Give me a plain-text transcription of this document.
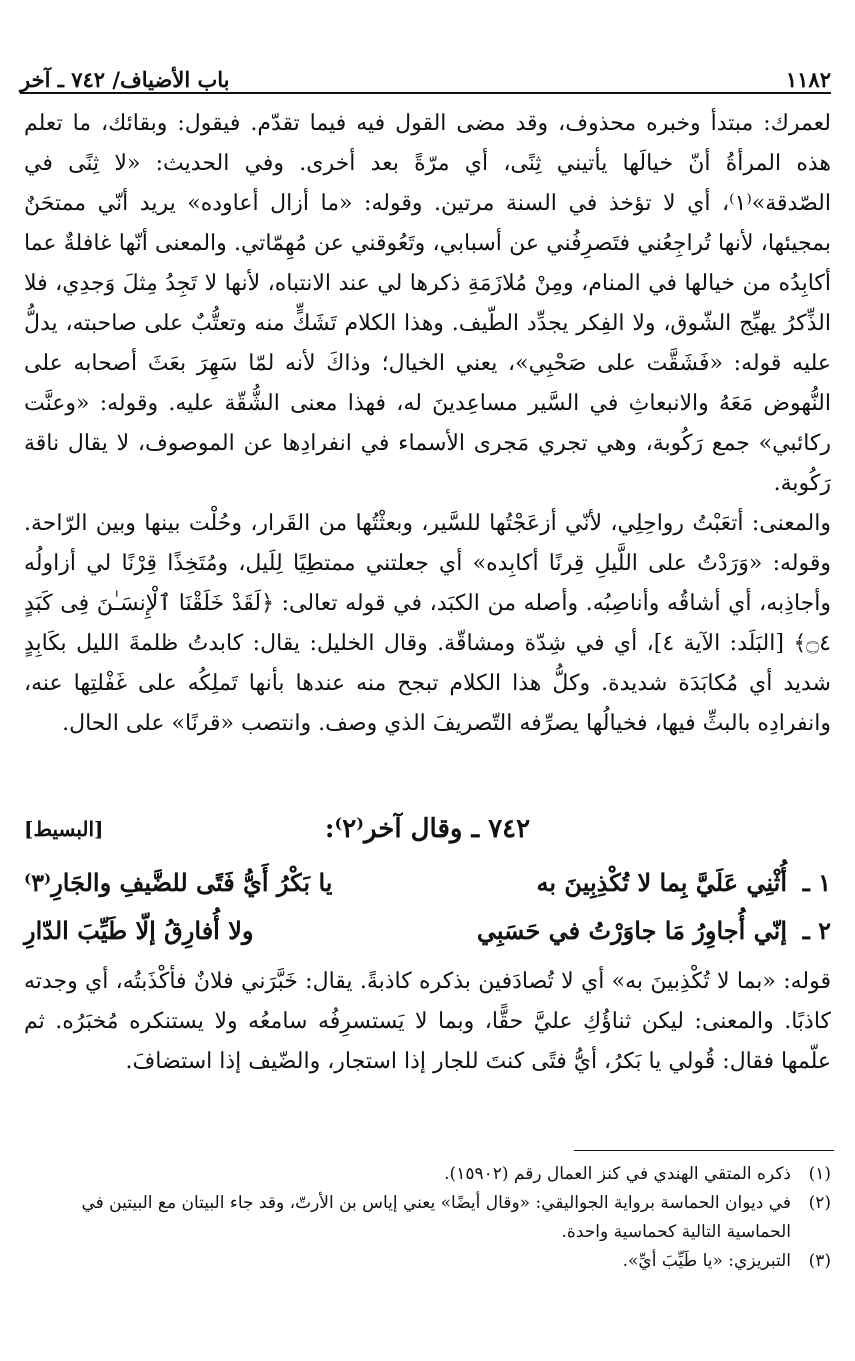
١١٨٢
باب الأضياف/ ٧٤٢ ـ آخر

لعمرك: مبتدأ وخبره محذوف، وقد مضى القول فيه فيما تقدّم. فيقول: وبقائك، ما تعلم هذه المرأةُ أنّ خيالَها يأتيني ثِنًى، أي مرّةً بعد أخرى. وفي الحديث: «لا ثِنًى في الصّدقة»⁽١⁾، أي لا تؤخذ في السنة مرتين. وقوله: «ما أزال أعاوده» يريد أنّي ممتحَنٌ بمجيئها، لأنها تُراجِعُني فتَصرِفُني عن أسبابي، وتَعُوقني عن مُهِمّاتي. والمعنى أنّها غافلةٌ عما أكابِدُه من خيالها في المنام، ومِنْ مُلازَمَةِ ذكرها لي عند الانتباه، لأنها لا تَجِدُ مِثلَ وَجدِي، فلا الذِّكرُ يهيِّج الشّوق، ولا الفِكر يجدِّد الطّيف. وهذا الكلام تَشَكٍّ منه وتعتُّبٌ على صاحبته، يدلُّ عليه قوله: «فَشَقَّت على صَحْبِي»، يعني الخيال؛ وذاكَ لأنه لمّا سَهِرَ بعَثَ أصحابه على النُّهوض مَعَهُ والانبعاثِ في السَّير مساعِدينَ له، فهذا معنى الشُّقّة عليه. وقوله: «وعنَّت ركائبي» جمع رَكُوبة، وهي تجري مَجرى الأسماء في انفرادِها عن الموصوف، لا يقال ناقة رَكُوبة.

والمعنى: أتعَبْتُ رواحِلِي، لأنّي أزعَجْتُها للسَّير، وبعثْتُها من القَرار، وحُلْت بينها وبين الرّاحة. وقوله: «وَرَدْتُ على اللَّيلِ قِرنًا أكابِده» أي جعلتني ممتطِيًا لِلَيل، ومُتَخِذًا قِرْنًا لي أزاولُه وأجاذِبه، أي أشاقُه وأناصِبُه. وأصله من الكبَد، في قوله تعالى: ﴿لَقَدْ خَلَقْنَا ٱلْإِنسَـٰنَ فِى كَبَدٍ ۝٤﴾ [البَلَد: الآية ٤]، أي في شِدّة ومشاقّة. وقال الخليل: يقال: كابدتُ ظلمةَ الليل بكَابِدٍ شديد أي مُكابَدَة شديدة. وكلُّ هذا الكلام تبجح منه عندها بأنها تَملِكُه على غَفْلتِها عنه، وانفرادِه بالبثِّ فيها، فخيالُها يصرِّفه التّصريفَ الذي وصف. وانتصب «قرنًا» على الحال.

٧٤٢ ـ وقال آخر⁽٢⁾:
[البسيط]
١ ـ
أُثْنِي عَلَيَّ بِما لا تُكْذِبِينَ به
يا بَكْرُ أَيُّ فَتًى للضَّيفِ والجَارِ⁽٣⁾
٢ ـ
إنّي أُجاوِرُ مَا جاوَرْتُ في حَسَبِي
ولا أُفارِقُ إلّا طَيِّبَ الدّارِ
قوله: «بما لا تُكْذِبينَ به» أي لا تُصادَفين بذكره كاذبةً. يقال: خَبَّرَني فلانٌ فأكْذَبتُه، أي وجدته كاذبًا. والمعنى: ليكن ثناؤُكِ عليَّ حقًّا، وبما لا يَستسرِفُه سامعُه ولا يستنكره مُخبَرُه. ثم علّمها فقال: قُولي يا بَكرُ، أيُّ فتًى كنتَ للجار إذا استجار، والضّيف إذا استضافَ.
(١)
ذكره المتقي الهندي في كنز العمال رقم (١٥٩٠٢).
(٢)
في ديوان الحماسة برواية الجواليقي: «وقال أيضًا» يعني إياس بن الأرتّ، وقد جاء البيتان مع البيتين في الحماسية التالية كحماسية واحدة.
(٣)
التبريزي: «يا طَيِّبَ أيِّ».
